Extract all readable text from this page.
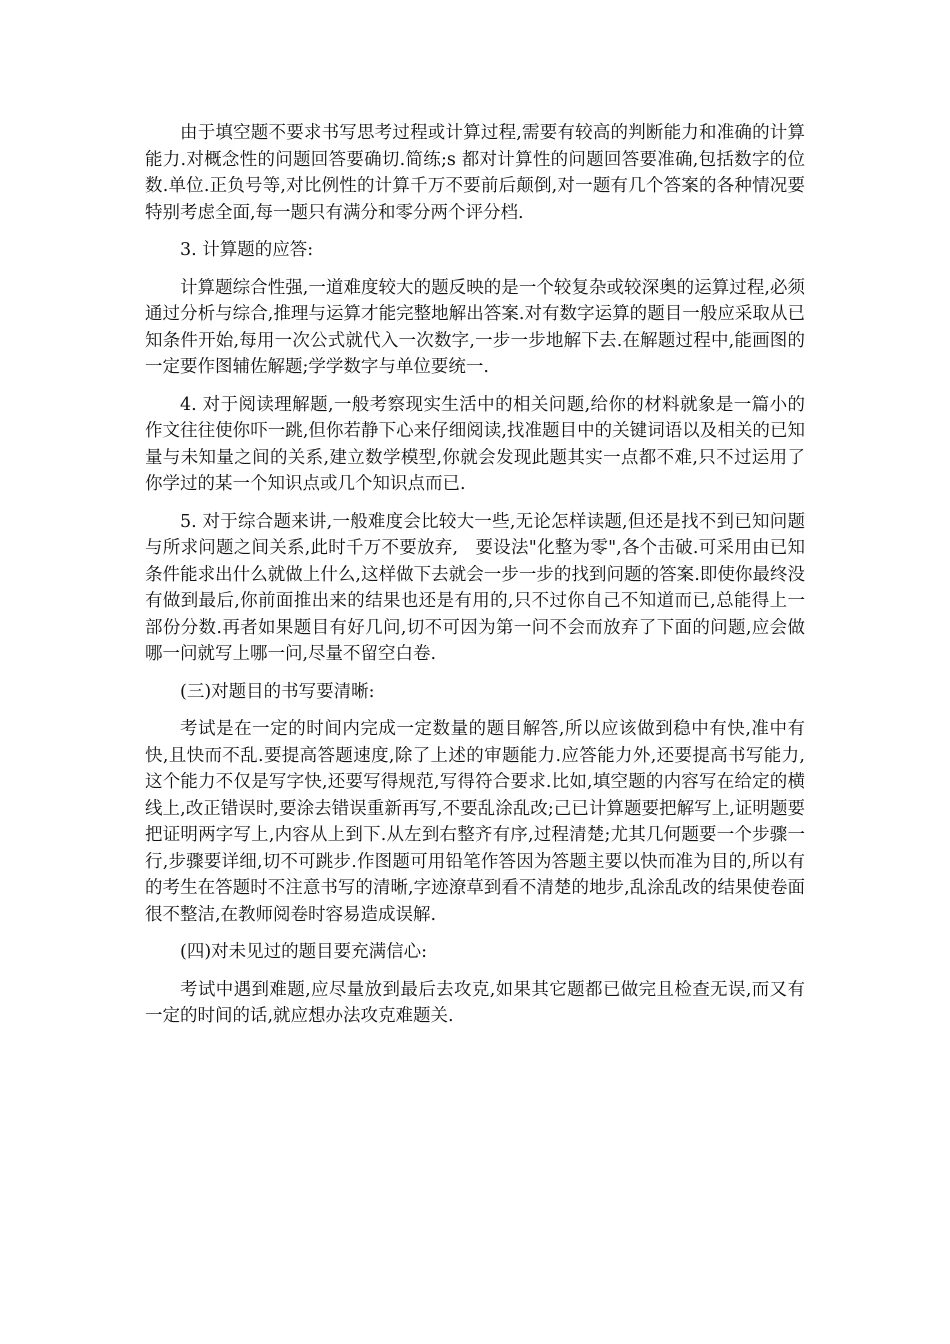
由于填空题不要求书写思考过程或计算过程,需要有较高的判断能力和准确的计算能力.对概念性的问题回答要确切.简练;s 都对计算性的问题回答要准确,包括数字的位数.单位.正负号等,对比例性的计算千万不要前后颠倒,对一题有几个答案的各种情况要特别考虑全面,每一题只有满分和零分两个评分档.

3. 计算题的应答:

计算题综合性强,一道难度较大的题反映的是一个较复杂或较深奥的运算过程,必须通过分析与综合,推理与运算才能完整地解出答案.对有数字运算的题目一般应采取从已知条件开始,每用一次公式就代入一次数字,一步一步地解下去.在解题过程中,能画图的一定要作图辅佐解题;学学数字与单位要统一.

4. 对于阅读理解题,一般考察现实生活中的相关问题,给你的材料就象是一篇小的作文往往使你吓一跳,但你若静下心来仔细阅读,找准题目中的关键词语以及相关的已知量与未知量之间的关系,建立数学模型,你就会发现此题其实一点都不难,只不过运用了你学过的某一个知识点或几个知识点而已.

5. 对于综合题来讲,一般难度会比较大一些,无论怎样读题,但还是找不到已知问题与所求问题之间关系,此时千万不要放弃,   要设法"化整为零",各个击破.可采用由已知条件能求出什么就做上什么,这样做下去就会一步一步的找到问题的答案.即使你最终没有做到最后,你前面推出来的结果也还是有用的,只不过你自己不知道而已,总能得上一部份分数.再者如果题目有好几问,切不可因为第一问不会而放弃了下面的问题,应会做哪一问就写上哪一问,尽量不留空白卷.

(三)对题目的书写要清晰:

考试是在一定的时间内完成一定数量的题目解答,所以应该做到稳中有快,准中有快,且快而不乱.要提高答题速度,除了上述的审题能力.应答能力外,还要提高书写能力,这个能力不仅是写字快,还要写得规范,写得符合要求.比如,填空题的内容写在给定的横线上,改正错误时,要涂去错误重新再写,不要乱涂乱改;己已计算题要把解写上,证明题要把证明两字写上,内容从上到下.从左到右整齐有序,过程清楚;尤其几何题要一个步骤一行,步骤要详细,切不可跳步.作图题可用铅笔作答因为答题主要以快而准为目的,所以有的考生在答题时不注意书写的清晰,字迹潦草到看不清楚的地步,乱涂乱改的结果使卷面很不整洁,在教师阅卷时容易造成误解.

(四)对未见过的题目要充满信心:

考试中遇到难题,应尽量放到最后去攻克,如果其它题都已做完且检查无误,而又有一定的时间的话,就应想办法攻克难题关.
